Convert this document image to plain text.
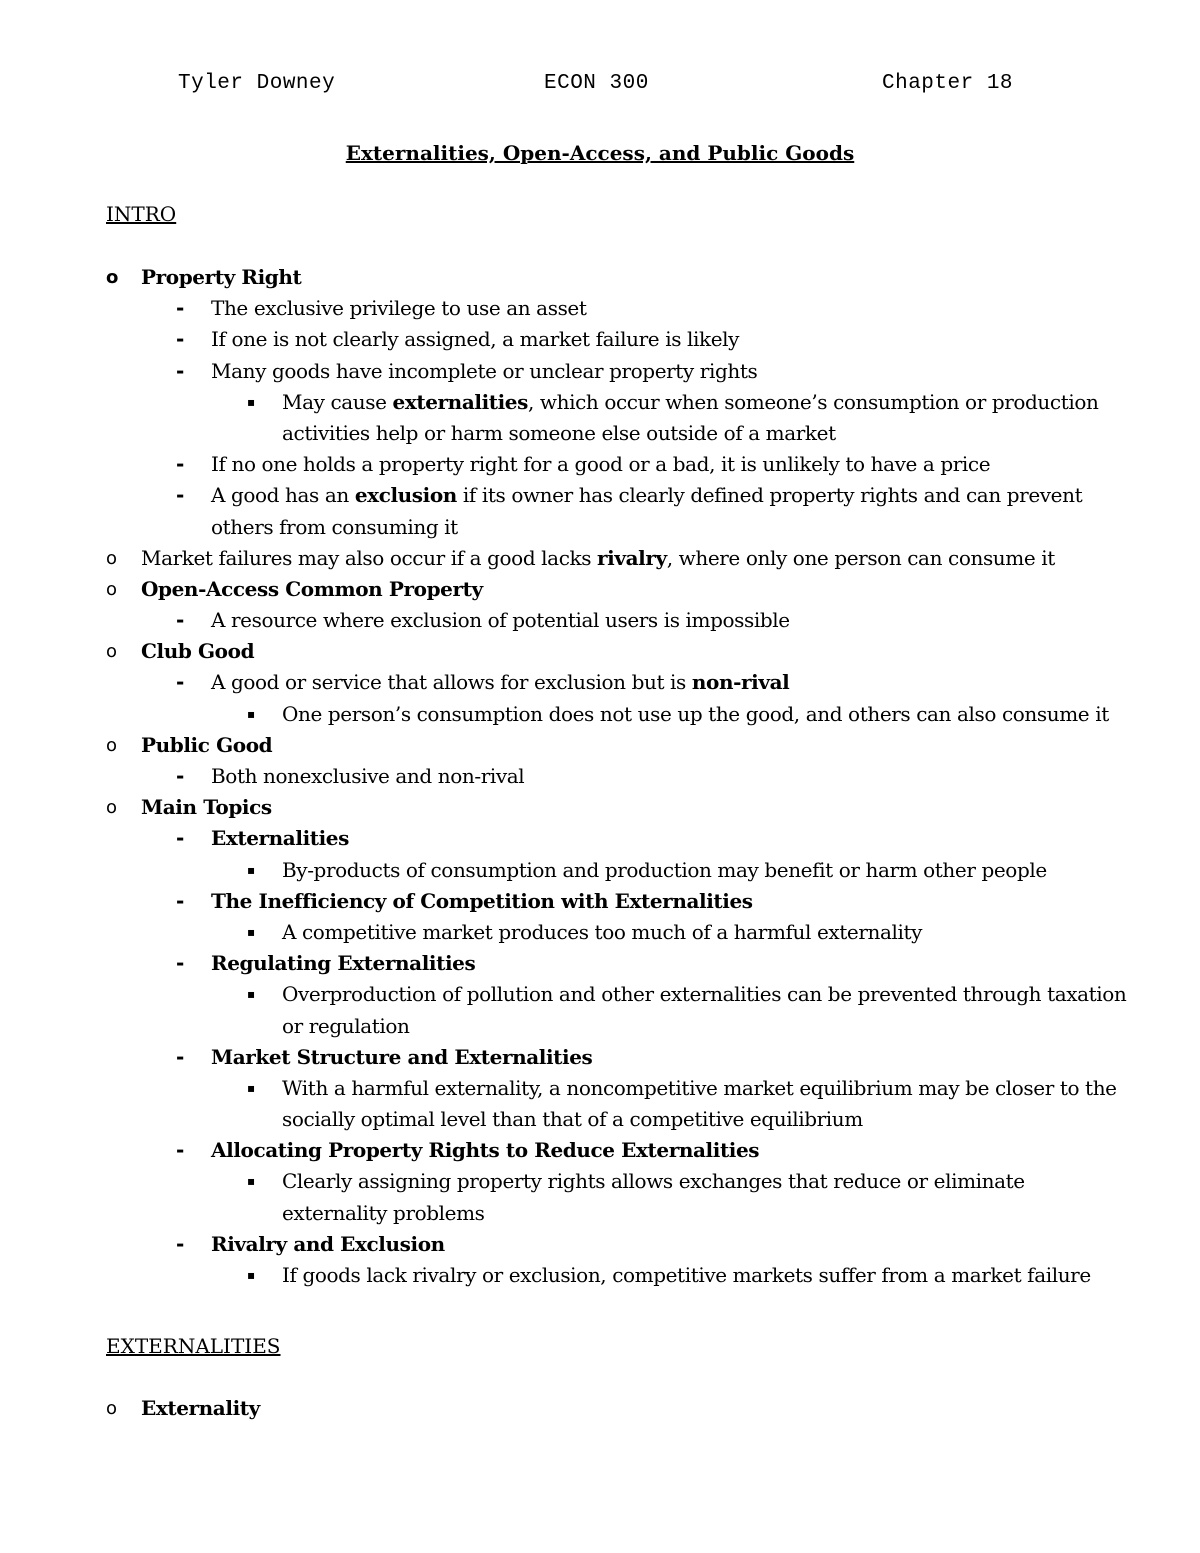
Tyler Downey	ECON 300	Chapter 18
Externalities, Open-Access, and Public Goods
INTRO
o Property Right
- The exclusive privilege to use an asset
- If one is not clearly assigned, a market failure is likely
- Many goods have incomplete or unclear property rights
▪ May cause externalities, which occur when someone’s consumption or production
activities help or harm someone else outside of a market
- If no one holds a property right for a good or a bad, it is unlikely to have a price
- A good has an exclusion if its owner has clearly defined property rights and can prevent
others from consuming it
o Market failures may also occur if a good lacks rivalry, where only one person can consume it
o Open-Access Common Property
- A resource where exclusion of potential users is impossible
o Club Good
- A good or service that allows for exclusion but is non-rival
▪ One person’s consumption does not use up the good, and others can also consume it
o Public Good
- Both nonexclusive and non-rival
o Main Topics
- Externalities
▪ By-products of consumption and production may benefit or harm other people
- The Inefficiency of Competition with Externalities
▪ A competitive market produces too much of a harmful externality
- Regulating Externalities
▪ Overproduction of pollution and other externalities can be prevented through taxation
or regulation
- Market Structure and Externalities
▪ With a harmful externality, a noncompetitive market equilibrium may be closer to the
socially optimal level than that of a competitive equilibrium
- Allocating Property Rights to Reduce Externalities
▪ Clearly assigning property rights allows exchanges that reduce or eliminate
externality problems
- Rivalry and Exclusion
▪ If goods lack rivalry or exclusion, competitive markets suffer from a market failure
EXTERNALITIES
o Externality
